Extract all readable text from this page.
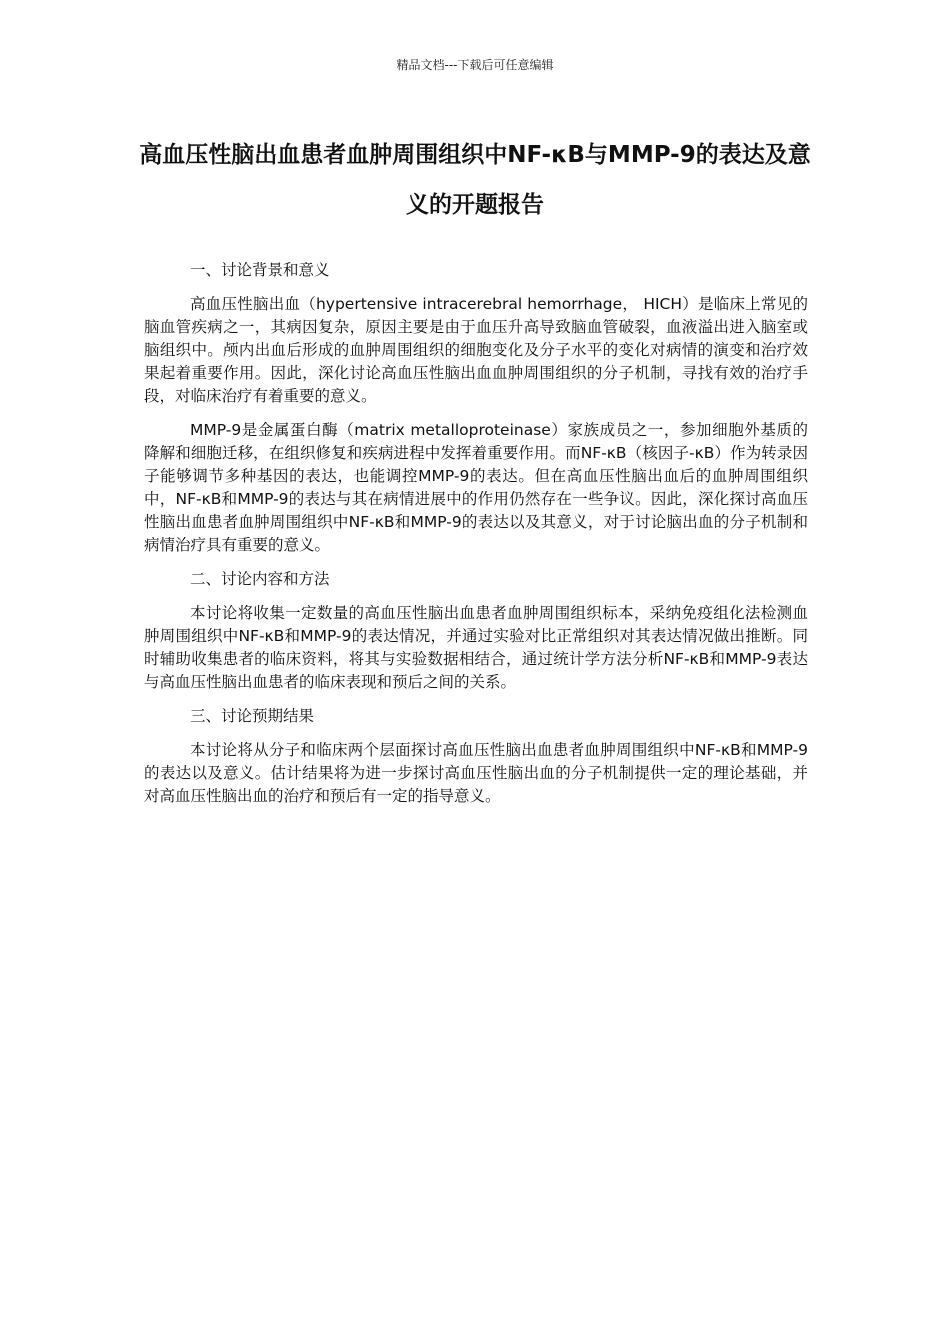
精品文档---下载后可任意编辑
高血压性脑出血患者血肿周围组织中NF-κB与MMP-9的表达及意义的开题报告
一、讨论背景和意义

高血压性脑出血（hypertensive intracerebral hemorrhage， HICH）是临床上常见的脑血管疾病之一，其病因复杂，原因主要是由于血压升高导致脑血管破裂，血液溢出进入脑室或脑组织中。颅内出血后形成的血肿周围组织的细胞变化及分子水平的变化对病情的演变和治疗效果起着重要作用。因此，深化讨论高血压性脑出血血肿周围组织的分子机制，寻找有效的治疗手段，对临床治疗有着重要的意义。

MMP-9是金属蛋白酶（matrix metalloproteinase）家族成员之一，参加细胞外基质的降解和细胞迁移，在组织修复和疾病进程中发挥着重要作用。而NF-κB（核因子-κB）作为转录因子能够调节多种基因的表达，也能调控MMP-9的表达。但在高血压性脑出血后的血肿周围组织中，NF-κB和MMP-9的表达与其在病情进展中的作用仍然存在一些争议。因此，深化探讨高血压性脑出血患者血肿周围组织中NF-κB和MMP-9的表达以及其意义，对于讨论脑出血的分子机制和病情治疗具有重要的意义。

二、讨论内容和方法

本讨论将收集一定数量的高血压性脑出血患者血肿周围组织标本，采纳免疫组化法检测血肿周围组织中NF-κB和MMP-9的表达情况，并通过实验对比正常组织对其表达情况做出推断。同时辅助收集患者的临床资料，将其与实验数据相结合，通过统计学方法分析NF-κB和MMP-9表达与高血压性脑出血患者的临床表现和预后之间的关系。

三、讨论预期结果

本讨论将从分子和临床两个层面探讨高血压性脑出血患者血肿周围组织中NF-κB和MMP-9的表达以及意义。估计结果将为进一步探讨高血压性脑出血的分子机制提供一定的理论基础，并对高血压性脑出血的治疗和预后有一定的指导意义。
